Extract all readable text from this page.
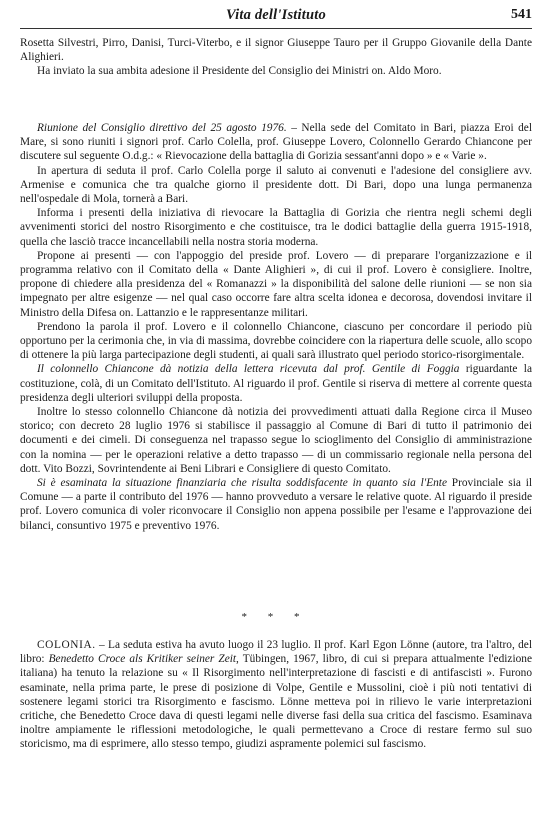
Vita dell'Istituto	541

Rosetta Silvestri, Pirro, Danisi, Turci-Viterbo, e il signor Giuseppe Tauro per il Gruppo Giovanile della Dante Alighieri.

Ha inviato la sua ambita adesione il Presidente del Consiglio dei Ministri on. Aldo Moro.

Riunione del Consiglio direttivo del 25 agosto 1976. – Nella sede del Comitato in Bari, piazza Eroi del Mare, si sono riuniti i signori prof. Carlo Colella, prof. Giuseppe Lovero, Colonnello Gerardo Chiancone per discutere sul seguente O.d.g.: « Rievocazione della battaglia di Gorizia sessant'anni dopo » e « Varie ».

In apertura di seduta il prof. Carlo Colella porge il saluto ai convenuti e l'adesione del consigliere avv. Armenise e comunica che tra qualche giorno il presidente dott. Di Bari, dopo una lunga permanenza nell'ospedale di Mola, tornerà a Bari.

Informa i presenti della iniziativa di rievocare la Battaglia di Gorizia che rientra negli schemi degli avvenimenti storici del nostro Risorgimento e che costituisce, tra le dodici battaglie della guerra 1915-1918, quella che lasciò tracce incancellabili nella nostra storia moderna.

Propone ai presenti — con l'appoggio del preside prof. Lovero — di preparare l'organizzazione e il programma relativo con il Comitato della « Dante Alighieri », di cui il prof. Lovero è consigliere. Inoltre, propone di chiedere alla presidenza del « Romanazzi » la disponibilità del salone delle riunioni — se non sia impegnato per altre esigenze — nel qual caso occorre fare altra scelta idonea e decorosa, dovendosi invitare il Ministro della Difesa on. Lattanzio e le rappresentanze militari.

Prendono la parola il prof. Lovero e il colonnello Chiancone, ciascuno per concordare il periodo più opportuno per la cerimonia che, in via di massima, dovrebbe coincidere con la riapertura delle scuole, allo scopo di ottenere la più larga partecipazione degli studenti, ai quali sarà illustrato quel periodo storico-risorgimentale.

Il colonnello Chiancone dà notizia della lettera ricevuta dal prof. Gentile di Foggia riguardante la costituzione, colà, di un Comitato dell'Istituto. Al riguardo il prof. Gentile si riserva di mettere al corrente questa presidenza degli ulteriori sviluppi della proposta.

Inoltre lo stesso colonnello Chiancone dà notizia dei provvedimenti attuati dalla Regione circa il Museo storico; con decreto 28 luglio 1976 si stabilisce il passaggio al Comune di Bari di tutto il patrimonio dei documenti e dei cimeli. Di conseguenza nel trapasso segue lo scioglimento del Consiglio di amministrazione con la nomina — per le operazioni relative a detto trapasso — di un commissario regionale nella persona del dott. Vito Bozzi, Sovrintendente ai Beni Librari e Consigliere di questo Comitato.

Si è esaminata la situazione finanziaria che risulta soddisfacente in quanto sia l'Ente Provinciale sia il Comune — a parte il contributo del 1976 — hanno provveduto a versare le relative quote. Al riguardo il preside prof. Lovero comunica di voler riconvocare il Consiglio non appena possibile per l'esame e l'approvazione dei bilanci, consuntivo 1975 e preventivo 1976.

* * *

COLONIA. – La seduta estiva ha avuto luogo il 23 luglio. Il prof. Karl Egon Lönne (autore, tra l'altro, del libro: Benedetto Croce als Kritiker seiner Zeit, Tübingen, 1967, libro, di cui si prepara attualmente l'edizione italiana) ha tenuto la relazione su « Il Risorgimento nell'interpretazione di fascisti e di antifascisti ». Furono esaminate, nella prima parte, le prese di posizione di Volpe, Gentile e Mussolini, cioè i più noti tentativi di sostenere legami storici tra Risorgimento e fascismo. Lönne metteva poi in rilievo le varie interpretazioni critiche, che Benedetto Croce dava di questi legami nelle diverse fasi della sua critica del fascismo. Esaminava inoltre ampiamente le riflessioni metodologiche, le quali permettevano a Croce di restare fermo sul suo storicismo, ma di esprimere, allo stesso tempo, giudizi aspramente polemici sul fascismo.
